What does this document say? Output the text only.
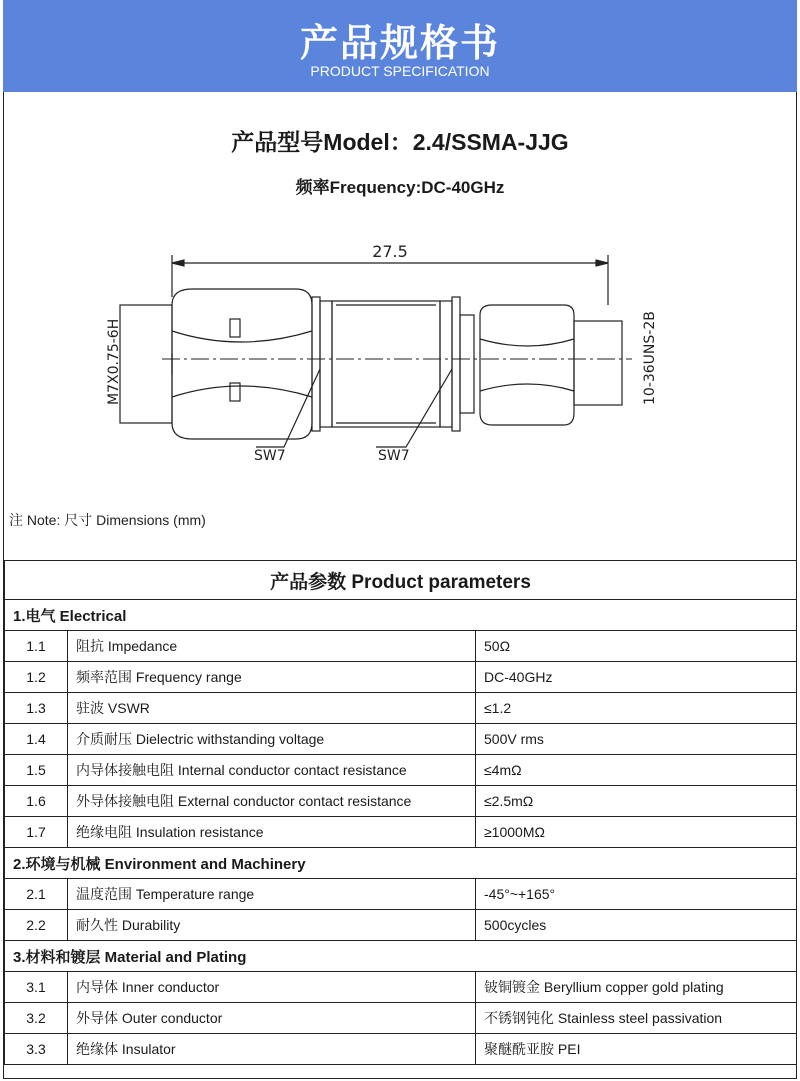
产品规格书
PRODUCT SPECIFICATION
产品型号Model：2.4/SSMA-JJG
频率Frequency:DC-40GHz
27.5
M7X0.75-6H	10-36UNS-2B
SW7	SW7
注 Note: 尺寸 Dimensions (mm)
产品参数 Product parameters		
1.电气 Electrical		
1.1	阻抗 Impedance	50Ω
1.2	频率范围 Frequency range	DC-40GHz
1.3	驻波 VSWR	≤1.2
1.4	介质耐压 Dielectric withstanding voltage	500V rms
1.5	内导体接触电阻 Internal conductor contact resistance	≤4mΩ
1.6	外导体接触电阻 External conductor contact resistance	≤2.5mΩ
1.7	绝缘电阻 Insulation resistance	≥1000MΩ
2.环境与机械 Environment and Machinery		
2.1	温度范围 Temperature range	-45°~+165°
2.2	耐久性 Durability	500cycles
3.材料和镀层 Material and Plating		
3.1	内导体 Inner conductor	铍铜镀金 Beryllium copper gold plating
3.2	外导体 Outer conductor	不锈钢钝化 Stainless steel passivation
3.3	绝缘体 Insulator	聚醚酰亚胺 PEI
